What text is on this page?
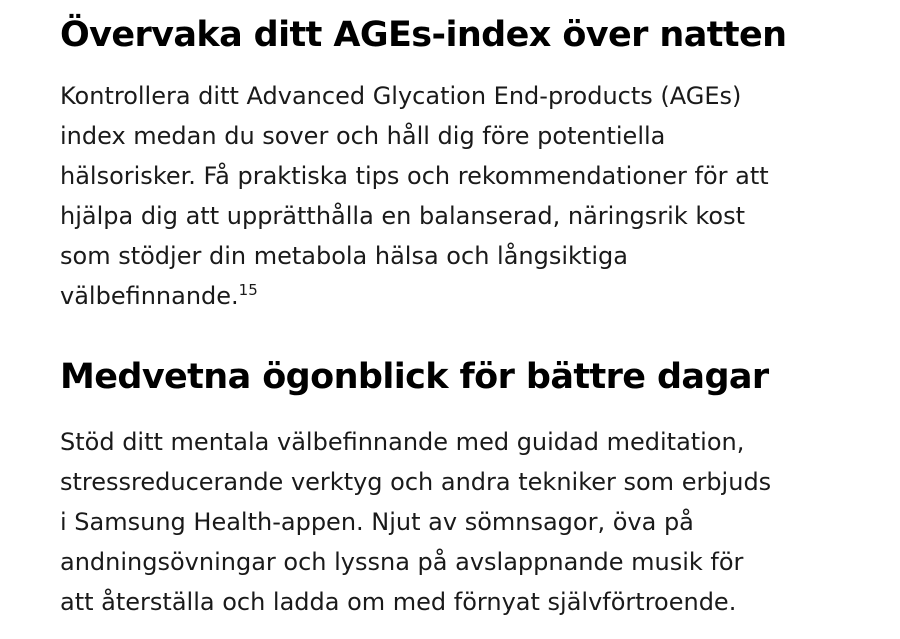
Övervaka ditt AGEs-index över natten

Kontrollera ditt Advanced Glycation End-products (AGEs)
index medan du sover och håll dig före potentiella
hälsorisker. Få praktiska tips och rekommendationer för att
hjälpa dig att upprätthålla en balanserad, näringsrik kost
som stödjer din metabola hälsa och långsiktiga
välbefinnande.$^{15}$

Medvetna ögonblick för bättre dagar

Stöd ditt mentala välbefinnande med guidad meditation,
stressreducerande verktyg och andra tekniker som erbjuds
i Samsung Health-appen. Njut av sömnsagor, öva på
andningsövningar och lyssna på avslappnande musik för
att återställa och ladda om med förnyat självförtroende.
